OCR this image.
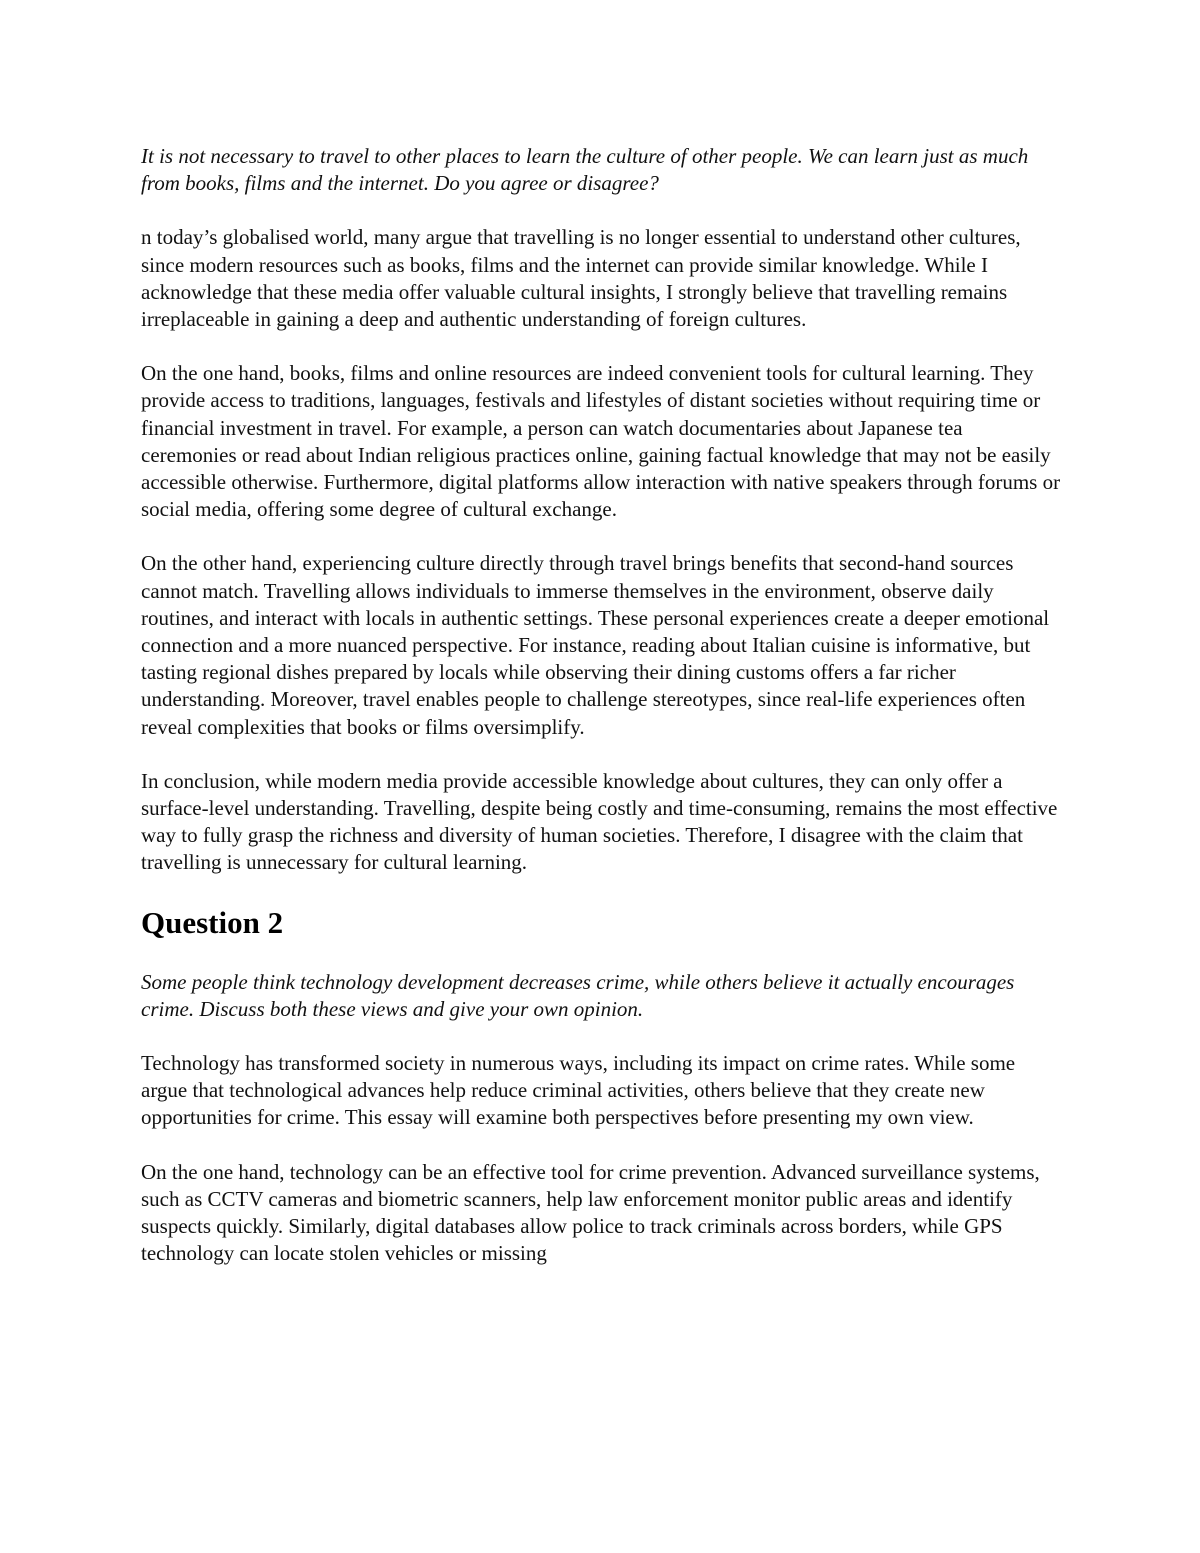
It is not necessary to travel to other places to learn the culture of other people. We can learn just as much from books, films and the internet. Do you agree or disagree?

n today’s globalised world, many argue that travelling is no longer essential to understand other cultures, since modern resources such as books, films and the internet can provide similar knowledge. While I acknowledge that these media offer valuable cultural insights, I strongly believe that travelling remains irreplaceable in gaining a deep and authentic understanding of foreign cultures.

On the one hand, books, films and online resources are indeed convenient tools for cultural learning. They provide access to traditions, languages, festivals and lifestyles of distant societies without requiring time or financial investment in travel. For example, a person can watch documentaries about Japanese tea ceremonies or read about Indian religious practices online, gaining factual knowledge that may not be easily accessible otherwise. Furthermore, digital platforms allow interaction with native speakers through forums or social media, offering some degree of cultural exchange.

On the other hand, experiencing culture directly through travel brings benefits that second-hand sources cannot match. Travelling allows individuals to immerse themselves in the environment, observe daily routines, and interact with locals in authentic settings. These personal experiences create a deeper emotional connection and a more nuanced perspective. For instance, reading about Italian cuisine is informative, but tasting regional dishes prepared by locals while observing their dining customs offers a far richer understanding. Moreover, travel enables people to challenge stereotypes, since real-life experiences often reveal complexities that books or films oversimplify.

In conclusion, while modern media provide accessible knowledge about cultures, they can only offer a surface-level understanding. Travelling, despite being costly and time-consuming, remains the most effective way to fully grasp the richness and diversity of human societies. Therefore, I disagree with the claim that travelling is unnecessary for cultural learning.

Question 2

Some people think technology development decreases crime, while others believe it actually encourages crime. Discuss both these views and give your own opinion.

Technology has transformed society in numerous ways, including its impact on crime rates. While some argue that technological advances help reduce criminal activities, others believe that they create new opportunities for crime. This essay will examine both perspectives before presenting my own view.

On the one hand, technology can be an effective tool for crime prevention. Advanced surveillance systems, such as CCTV cameras and biometric scanners, help law enforcement monitor public areas and identify suspects quickly. Similarly, digital databases allow police to track criminals across borders, while GPS technology can locate stolen vehicles or missing
